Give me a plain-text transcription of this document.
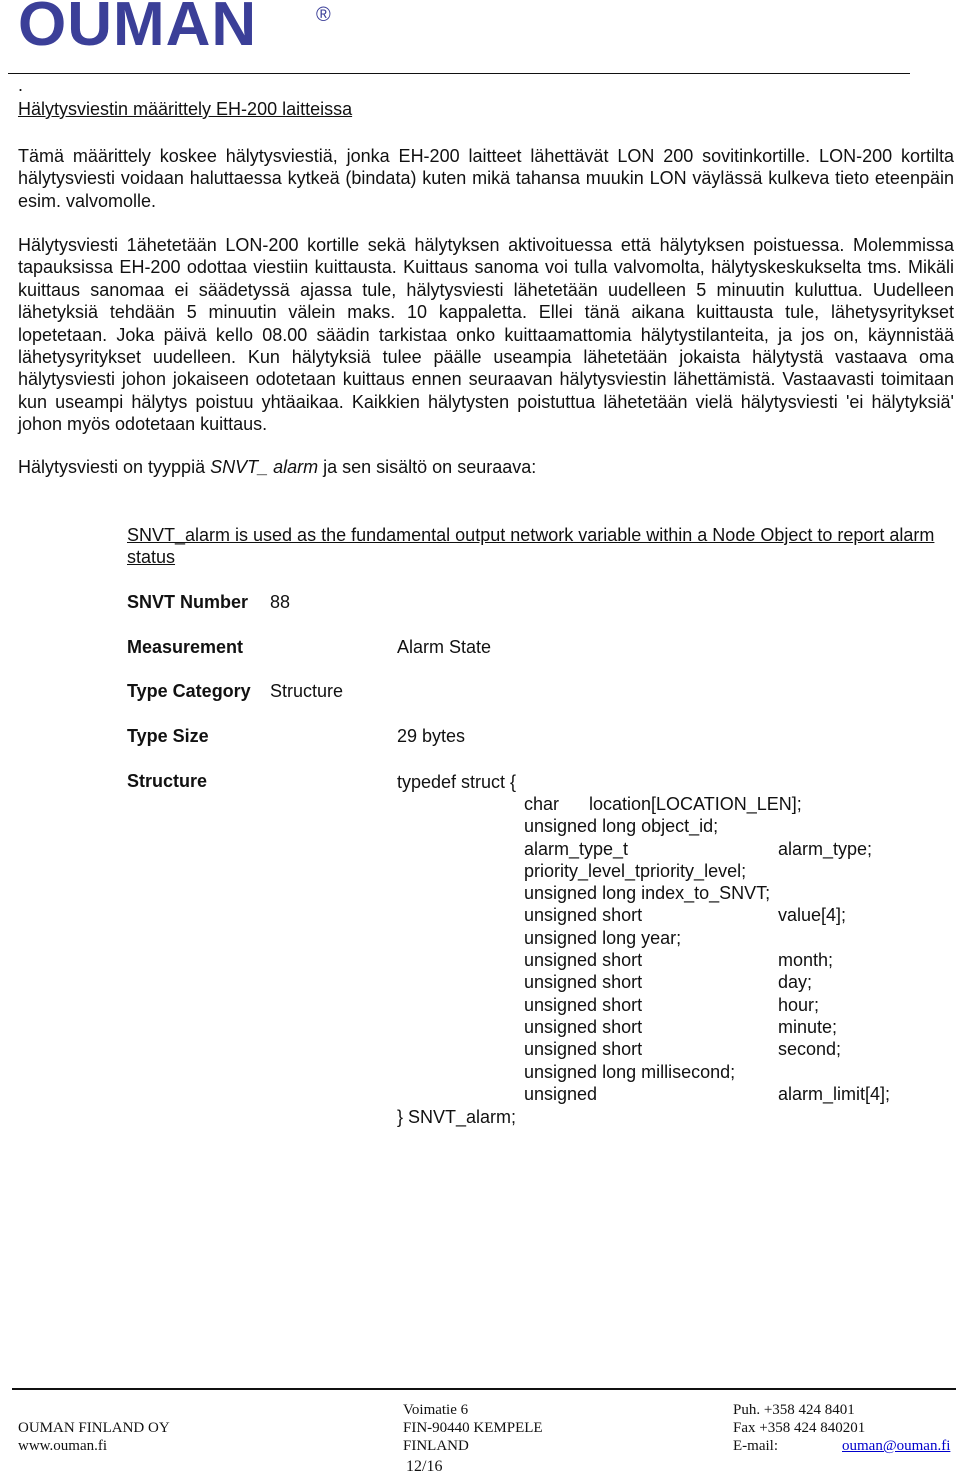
OUMAN	®
.
Hälytysviestin määrittely EH-200 laitteissa

Tämä määrittely koskee hälytysviestiä, jonka EH-200 laitteet lähettävät LON 200 sovitinkortille. LON-200 kortilta hälytysviesti voidaan haluttaessa kytkeä (bindata) kuten mikä tahansa muukin LON väylässä kulkeva tieto eteenpäin esim. valvomolle.

Hälytysviesti 1ähetetään LON-200 kortille sekä hälytyksen aktivoituessa että hälytyksen poistuessa. Molemmissa tapauksissa EH-200 odottaa viestiin kuittausta. Kuittaus sanoma voi tulla valvomolta, hälytyskeskukselta tms. Mikäli kuittaus sanomaa ei säädetyssä ajassa tule, hälytysviesti lähetetään uudelleen 5 minuutin kuluttua. Uudelleen lähetyksiä tehdään 5 minuutin välein maks. 10 kappaletta. Ellei tänä aikana kuittausta tule, lähetysyritykset lopetetaan. Joka päivä kello 08.00 säädin tarkistaa onko kuittaamattomia hälytystilanteita, ja jos on, käynnistää lähetysyritykset uudelleen. Kun hälytyksiä tulee päälle useampia lähetetään jokaista hälytystä vastaava oma hälytysviesti johon jokaiseen odotetaan kuittaus ennen seuraavan hälytysviestin lähettämistä. Vastaavasti toimitaan kun useampi hälytys poistuu yhtäaikaa. Kaikkien hälytysten poistuttua lähetetään vielä hälytysviesti 'ei hälytyksiä' johon myös odotetaan kuittaus.

Hälytysviesti on tyyppiä SNVT_ alarm ja sen sisältö on seuraava:

SNVT_alarm is used as the fundamental output network variable within a Node Object to report alarm status

SNVT Number 88
Measurement	Alarm State
Type Category Structure
Type Size	29 bytes
Structure	typedef struct {
char location[LOCATION_LEN];
unsigned long object_id;
alarm_type_t	alarm_type;
priority_level_tpriority_level;
unsigned long index_to_SNVT;
unsigned short	value[4];
unsigned long year;
unsigned short	month;
unsigned short	day;
unsigned short	hour;
unsigned short	minute;
unsigned short	second;
unsigned long millisecond;
unsigned	alarm_limit[4];
} SNVT_alarm;
OUMAN FINLAND OY
www.ouman.fi
Voimatie 6
FIN-90440 KEMPELE
FINLAND
Puh. +358 424 8401
Fax +358 424 840201
E-mail:	ouman@ouman.fi
12/16
